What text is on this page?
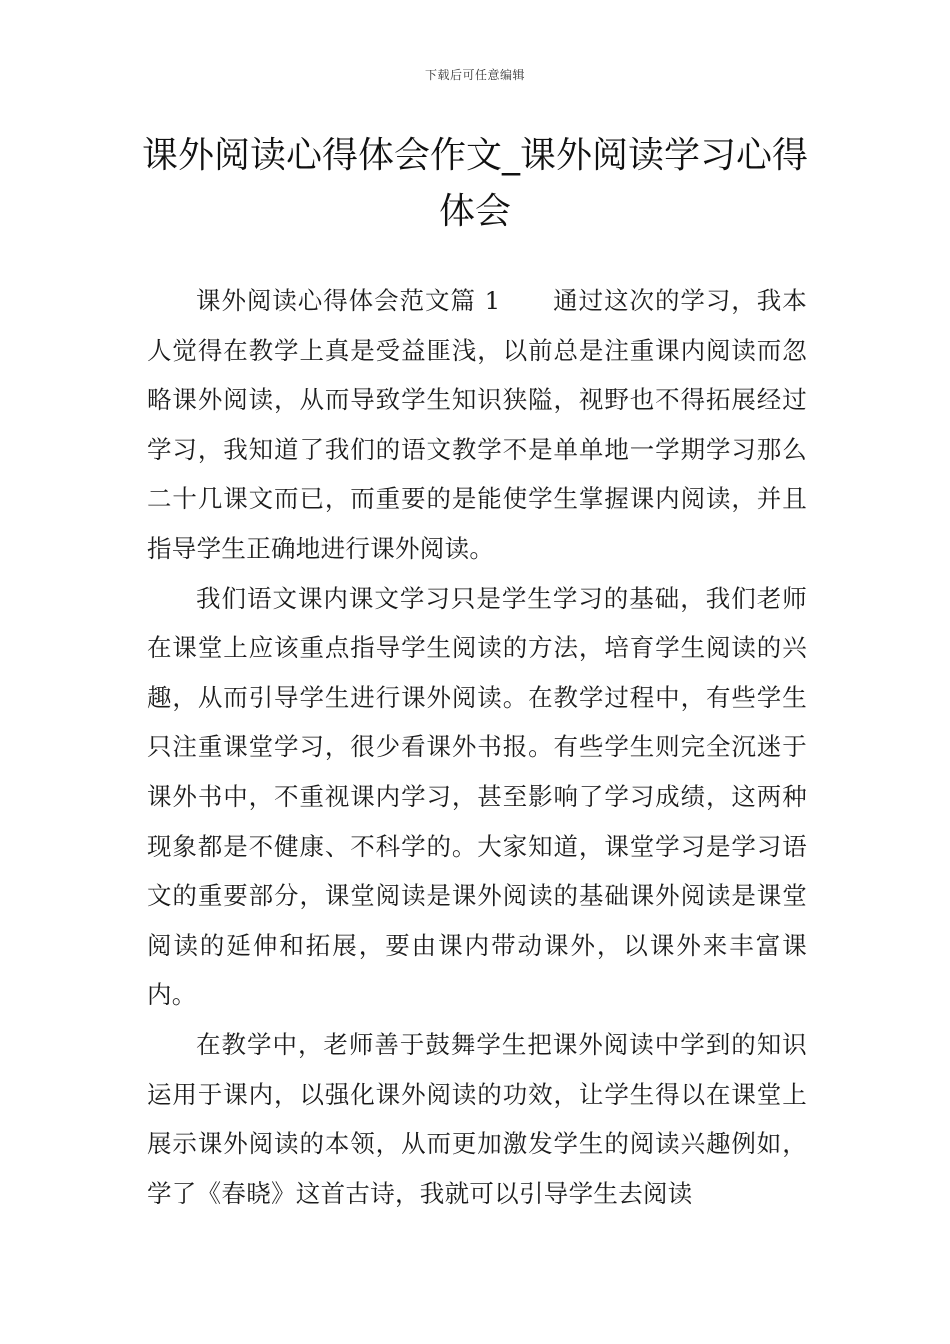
下载后可任意编辑
课外阅读心得体会作文_课外阅读学习心得体会

课外阅读心得体会范文篇 1 通过这次的学习，我本人觉得在教学上真是受益匪浅，以前总是注重课内阅读而忽略课外阅读，从而导致学生知识狭隘，视野也不得拓展经过学习，我知道了我们的语文教学不是单单地一学期学习那么二十几课文而已，而重要的是能使学生掌握课内阅读，并且指导学生正确地进行课外阅读。

我们语文课内课文学习只是学生学习的基础，我们老师在课堂上应该重点指导学生阅读的方法，培育学生阅读的兴趣，从而引导学生进行课外阅读。在教学过程中，有些学生只注重课堂学习，很少看课外书报。有些学生则完全沉迷于课外书中，不重视课内学习，甚至影响了学习成绩，这两种现象都是不健康、不科学的。大家知道，课堂学习是学习语文的重要部分，课堂阅读是课外阅读的基础课外阅读是课堂阅读的延伸和拓展，要由课内带动课外，以课外来丰富课内。

在教学中，老师善于鼓舞学生把课外阅读中学到的知识运用于课内，以强化课外阅读的功效，让学生得以在课堂上展示课外阅读的本领，从而更加激发学生的阅读兴趣例如，学了《春晓》这首古诗，我就可以引导学生去阅读
